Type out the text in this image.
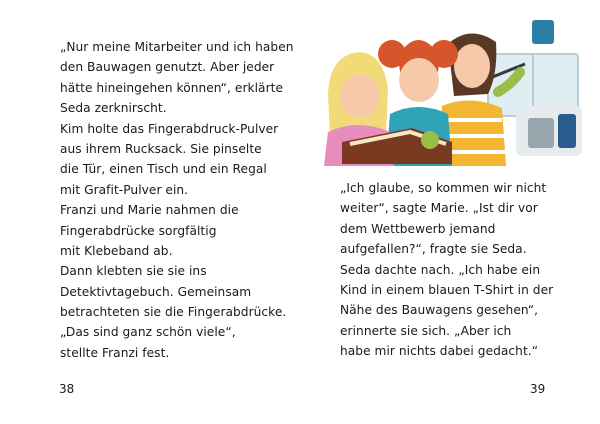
„Nur meine Mitarbeiter und ich haben
den Bauwagen genutzt. Aber jeder
hätte hineingehen können“, erklärte
Seda zerknirscht.
Kim holte das Fingerabdruck-Pulver
aus ihrem Rucksack. Sie pinselte
die Tür, einen Tisch und ein Regal
mit Grafit-Pulver ein.
Franzi und Marie nahmen die
Fingerabdrücke sorgfältig
mit Klebeband ab.
Dann klebten sie sie ins
Detektivtagebuch. Gemeinsam
betrachteten sie die Fingerabdrücke.
„Das sind ganz schön viele“,
stellte Franzi fest.
38
„Ich glaube, so kommen wir nicht
weiter“, sagte Marie. „Ist dir vor
dem Wettbewerb jemand
aufgefallen?“, fragte sie Seda.
Seda dachte nach. „Ich habe ein
Kind in einem blauen T-Shirt in der
Nähe des Bauwagens gesehen“,
erinnerte sie sich. „Aber ich
habe mir nichts dabei gedacht.“
39
